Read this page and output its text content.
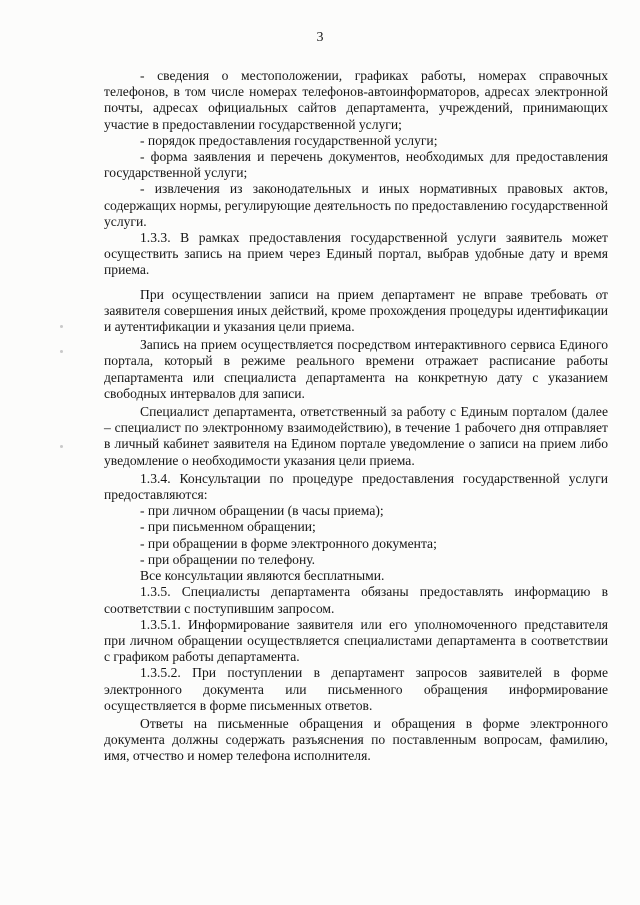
3

- сведения о местоположении, графиках работы, номерах справочных телефонов, в том числе номерах телефонов-автоинформаторов, адресах электронной почты, адресах официальных сайтов департамента, учреждений, принимающих участие в предоставлении государственной услуги;

- порядок предоставления государственной услуги;

- форма заявления и перечень документов, необходимых для предоставления государственной услуги;

- извлечения из законодательных и иных нормативных правовых актов, содержащих нормы, регулирующие деятельность по предоставлению государственной услуги.

1.3.3. В рамках предоставления государственной услуги заявитель может осуществить запись на прием через Единый портал, выбрав удобные дату и время приема.

При осуществлении записи на прием департамент не вправе требовать от заявителя совершения иных действий, кроме прохождения процедуры идентификации и аутентификации и указания цели приема.

Запись на прием осуществляется посредством интерактивного сервиса Единого портала, который в режиме реального времени отражает расписание работы департамента или специалиста департамента на конкретную дату с указанием свободных интервалов для записи.

Специалист департамента, ответственный за работу с Единым порталом (далее – специалист по электронному взаимодействию), в течение 1 рабочего дня отправляет в личный кабинет заявителя на Едином портале уведомление о записи на прием либо уведомление о необходимости указания цели приема.

1.3.4. Консультации по процедуре предоставления государственной услуги предоставляются:

- при личном обращении (в часы приема);

- при письменном обращении;

- при обращении в форме электронного документа;

- при обращении по телефону.

Все консультации являются бесплатными.

1.3.5. Специалисты департамента обязаны предоставлять информацию в соответствии с поступившим запросом.

1.3.5.1. Информирование заявителя или его уполномоченного представителя при личном обращении осуществляется специалистами департамента в соответствии с графиком работы департамента.

1.3.5.2. При поступлении в департамент запросов заявителей в форме электронного документа или письменного обращения информирование осуществляется в форме письменных ответов.

Ответы на письменные обращения и обращения в форме электронного документа должны содержать разъяснения по поставленным вопросам, фамилию, имя, отчество и номер телефона исполнителя.
